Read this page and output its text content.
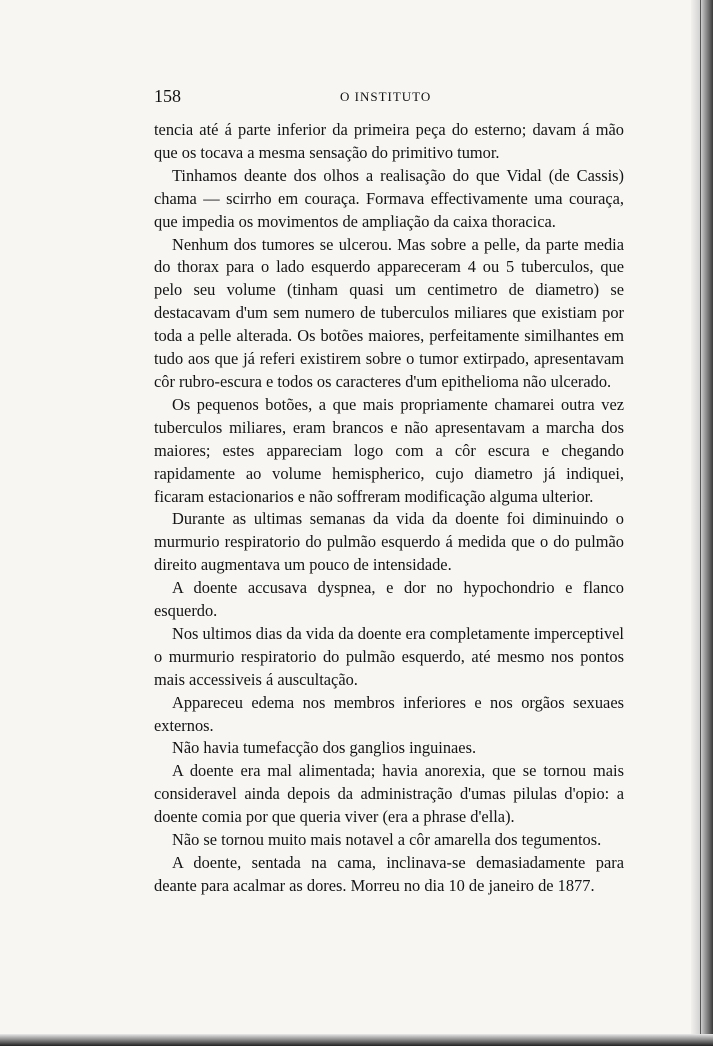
158	O INSTITUTO

tencia até á parte inferior da primeira peça do esterno; davam á mão que os tocava a mesma sensação do primitivo tumor.

Tinhamos deante dos olhos a realisação do que Vidal (de Cassis) chama — scirrho em couraça. Formava effectivamente uma couraça, que impedia os movimentos de ampliação da caixa thoracica.

Nenhum dos tumores se ulcerou. Mas sobre a pelle, da parte media do thorax para o lado esquerdo appareceram 4 ou 5 tuberculos, que pelo seu volume (tinham quasi um centimetro de diametro) se destacavam d'um sem numero de tuberculos miliares que existiam por toda a pelle alterada. Os botões maiores, perfeitamente similhantes em tudo aos que já referi existirem sobre o tumor extirpado, apresentavam côr rubro-escura e todos os caracteres d'um epithelioma não ulcerado.

Os pequenos botões, a que mais propriamente chamarei outra vez tuberculos miliares, eram brancos e não apresentavam a marcha dos maiores; estes appareciam logo com a côr escura e chegando rapidamente ao volume hemispherico, cujo diametro já indiquei, ficaram estacionarios e não soffreram modificação alguma ulterior.

Durante as ultimas semanas da vida da doente foi diminuindo o murmurio respiratorio do pulmão esquerdo á medida que o do pulmão direito augmentava um pouco de intensidade.

A doente accusava dyspnea, e dor no hypochondrio e flanco esquerdo.

Nos ultimos dias da vida da doente era completamente imperceptivel o murmurio respiratorio do pulmão esquerdo, até mesmo nos pontos mais accessiveis á auscultação.

Appareceu edema nos membros inferiores e nos orgãos sexuaes externos.

Não havia tumefacção dos ganglios inguinaes.

A doente era mal alimentada; havia anorexia, que se tornou mais consideravel ainda depois da administração d'umas pilulas d'opio: a doente comia por que queria viver (era a phrase d'ella).

Não se tornou muito mais notavel a côr amarella dos tegumentos.

A doente, sentada na cama, inclinava-se demasiadamente para deante para acalmar as dores. Morreu no dia 10 de janeiro de 1877.
